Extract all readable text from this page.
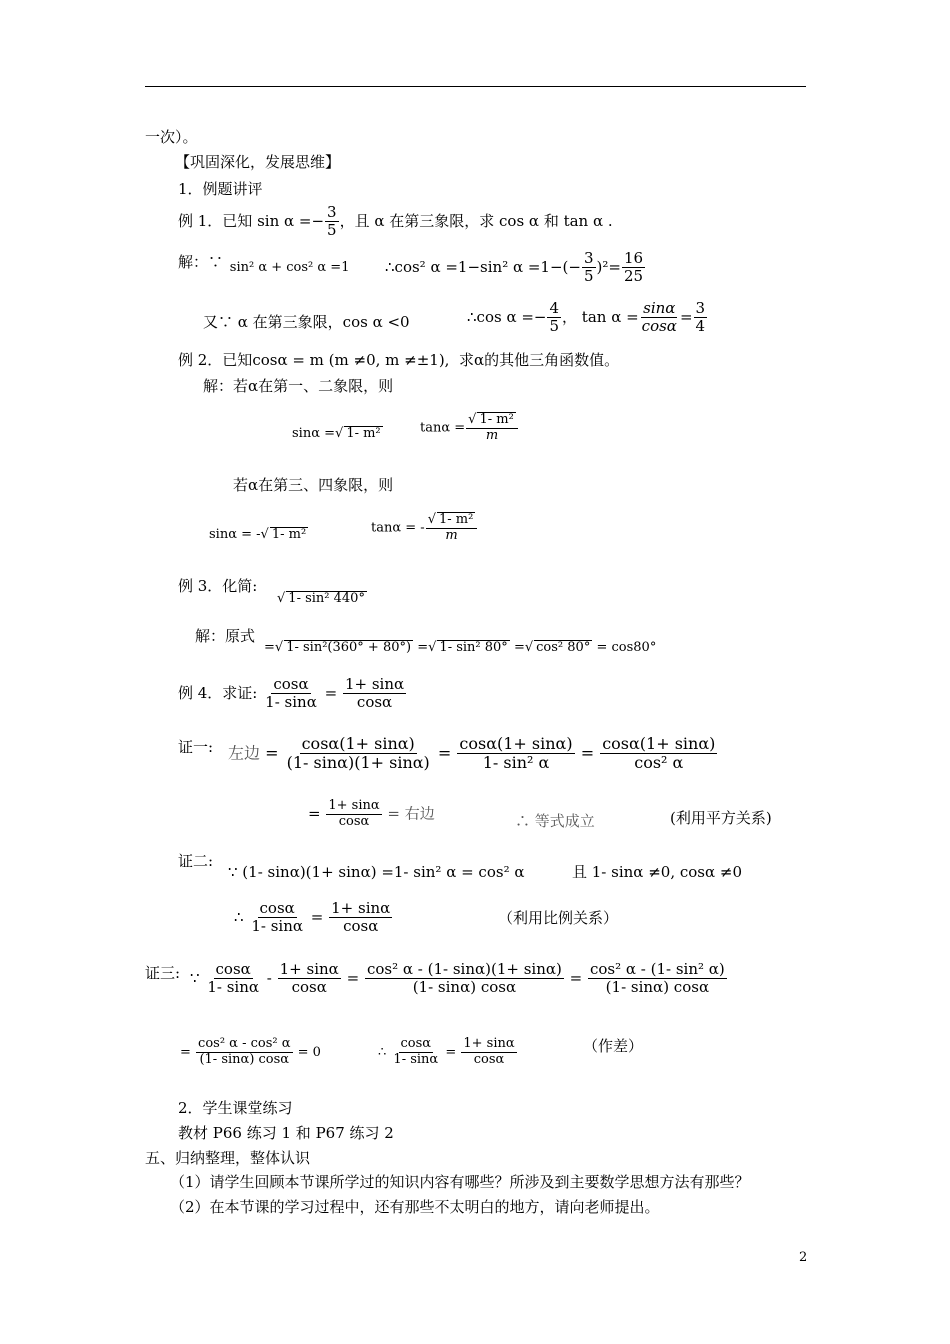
一次）。
【巩固深化，发展思维】
1．例题讲评
例 1．已知 $\sin \alpha =- \frac{3}{5}$ ，且 α 在第三象限，求 cos α 和 tan α .
解：∵ sin² α + cos² α =1 ∴cos² α =1−sin² $\alpha =1-(- \frac{3}{5} )^2= \frac{16}{25}$
又∵ α 在第三象限，cos α <0	∴cos $\alpha =- \frac{4}{5}$ ， $\tan \alpha = \frac{\sin\alpha}{\cos\alpha} = \frac{3}{4}$
例 2．已知cosα = m (m ≠0, m ≠±1), 求α的其他三角函数值。
解：若α在第一、二象限，则
sinα =√ 1- m²	$\tan\alpha = \frac{\text{√ 1- m²}}{m}$
若α在第三、四象限，则
sinα = -√ 1- m²	tanα = - $\frac{\text{√ 1- m²}}{m}$
例 3．化简:
√ 1- sin² 440°
解：原式
=√ 1- sin²(360° + 80°) =√ 1- sin² 80° =√ cos² 80° = cos80°
例 4．求证: $\frac{\cos\alpha}{1- \sin\alpha} = \frac{1+ \sin\alpha}{\cos\alpha}$
证一: 左边 = $\frac{\cos\alpha(1+ \sin\alpha)}{(1- \sin\alpha)(1+ \sin\alpha)} = \frac{\cos\alpha(1+ \sin\alpha)}{\text{1- sin² α}} = \frac{\cos\alpha(1+ \sin\alpha)}{\text{cos² α}}$
= $\frac{1+ \sin\alpha}{\cos\alpha}$ = 右边	∴ 等式成立	(利用平方关系)
证二:
∵ (1- sinα)(1+ sinα) =1- sin² α = cos² α	且 1- sinα ≠0, cosα ≠0
∴ $\frac{\cos\alpha}{1- \sin\alpha} = \frac{1+ \sin\alpha}{\cos\alpha}$	（利用比例关系）
证三: ∵ $\frac{\cos\alpha}{1- \sin\alpha} - \frac{1+ \sin\alpha}{\cos\alpha} = \frac{\text{cos² α - (1- sinα)(1+ sinα)}}{(1- \sin\alpha) \cos\alpha} = \frac{\text{cos² α - (1- sin² α)}}{(1- \sin\alpha) \cos\alpha}$
= $\frac{\text{cos² α - cos² α}}{(1- \sin\alpha) \cos\alpha} = 0$	∴ $\frac{\cos\alpha}{1- \sin\alpha} = \frac{1+ \sin\alpha}{\cos\alpha}$	（作差）
2．学生课堂练习
教材 P66 练习 1 和 P67 练习 2
五、归纳整理，整体认识
（1）请学生回顾本节课所学过的知识内容有哪些？所涉及到主要数学思想方法有那些？
（2）在本节课的学习过程中，还有那些不太明白的地方，请向老师提出。
2
